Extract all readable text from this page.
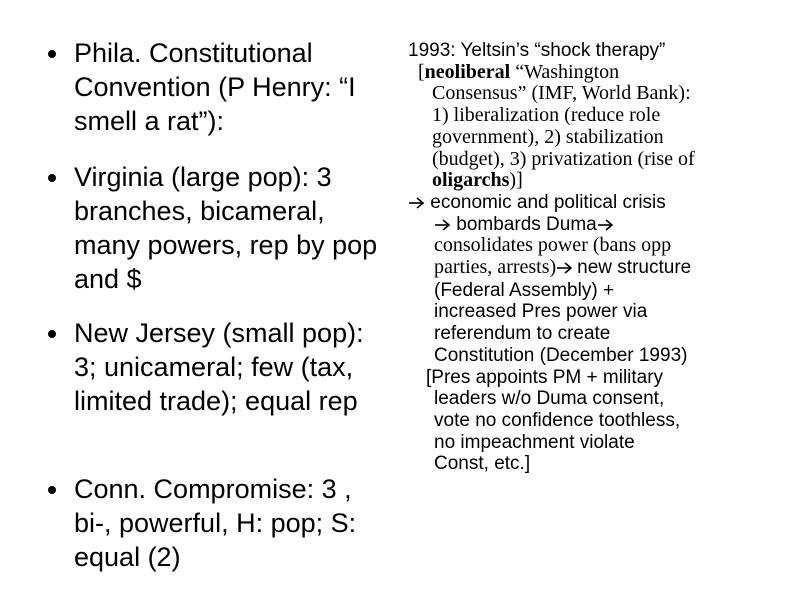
Phila. Constitutional Convention (P Henry: “I smell a rat”):
Virginia (large pop): 3 branches, bicameral, many powers, rep by pop and $
New Jersey (small pop): 3; unicameral; few (tax, limited trade); equal rep
Conn. Compromise: 3 , bi-, powerful, H: pop; S: equal (2)
1993: Yeltsin’s “shock therapy”
[neoliberal “Washington
Consensus” (IMF, World Bank):
1) liberalization (reduce role
government), 2) stabilization
(budget), 3) privatization (rise of
oligarchs)]
economic and political crisis
bombards Duma
consolidates power (bans opp
parties, arrests) new structure
(Federal Assembly) +
increased Pres power via
referendum to create
Constitution (December 1993)
[Pres appoints PM + military
leaders w/o Duma consent,
vote no confidence toothless,
no impeachment violate
Const, etc.]
